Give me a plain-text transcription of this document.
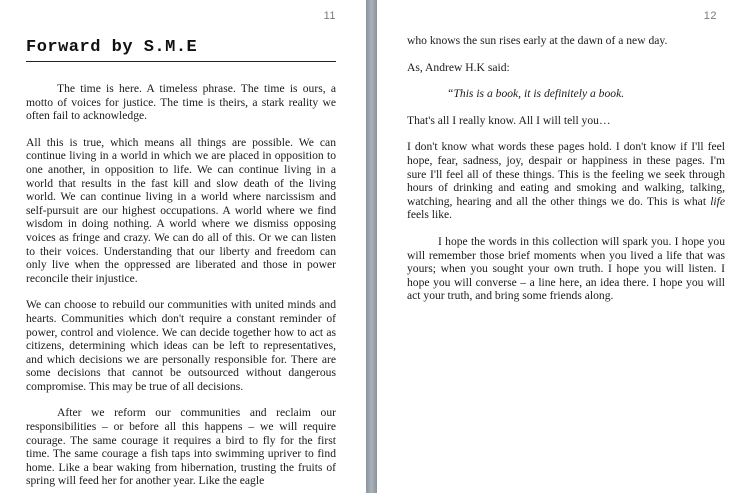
11
Forward by S.M.E

The time is here. A timeless phrase. The time is ours, a motto of voices for justice. The time is theirs, a stark reality we often fail to acknowledge.

All this is true, which means all things are possible. We can continue living in a world in which we are placed in opposition to one another, in opposition to life. We can continue living in a world that results in the fast kill and slow death of the living world. We can continue living in a world where narcissism and self-pursuit are our highest occupations. A world where we find wisdom in doing nothing. A world where we dismiss opposing voices as fringe and crazy. We can do all of this. Or we can listen to their voices. Understanding that our liberty and freedom can only live when the oppressed are liberated and those in power reconcile their injustice.

We can choose to rebuild our communities with united minds and hearts. Communities which don't require a constant reminder of power, control and violence. We can decide together how to act as citizens, determining which ideas can be left to representatives, and which decisions we are personally responsible for. There are some decisions that cannot be outsourced without dangerous compromise. This may be true of all decisions.

After we reform our communities and reclaim our responsibilities – or before all this happens – we will require courage. The same courage it requires a bird to fly for the first time. The same courage a fish taps into swimming upriver to find home. Like a bear waking from hibernation, trusting the fruits of spring will feed her for another year. Like the eagle

12

who knows the sun rises early at the dawn of a new day.

As, Andrew H.K said:

“This is a book, it is definitely a book.

That's all I really know. All I will tell you…

I don't know what words these pages hold. I don't know if I'll feel hope, fear, sadness, joy, despair or happiness in these pages. I'm sure I'll feel all of these things. This is the feeling we seek through hours of drinking and eating and smoking and walking, talking, watching, hearing and all the other things we do. This is what life feels like.

I hope the words in this collection will spark you. I hope you will remember those brief moments when you lived a life that was yours; when you sought your own truth. I hope you will listen. I hope you will converse – a line here, an idea there. I hope you will act your truth, and bring some friends along.
